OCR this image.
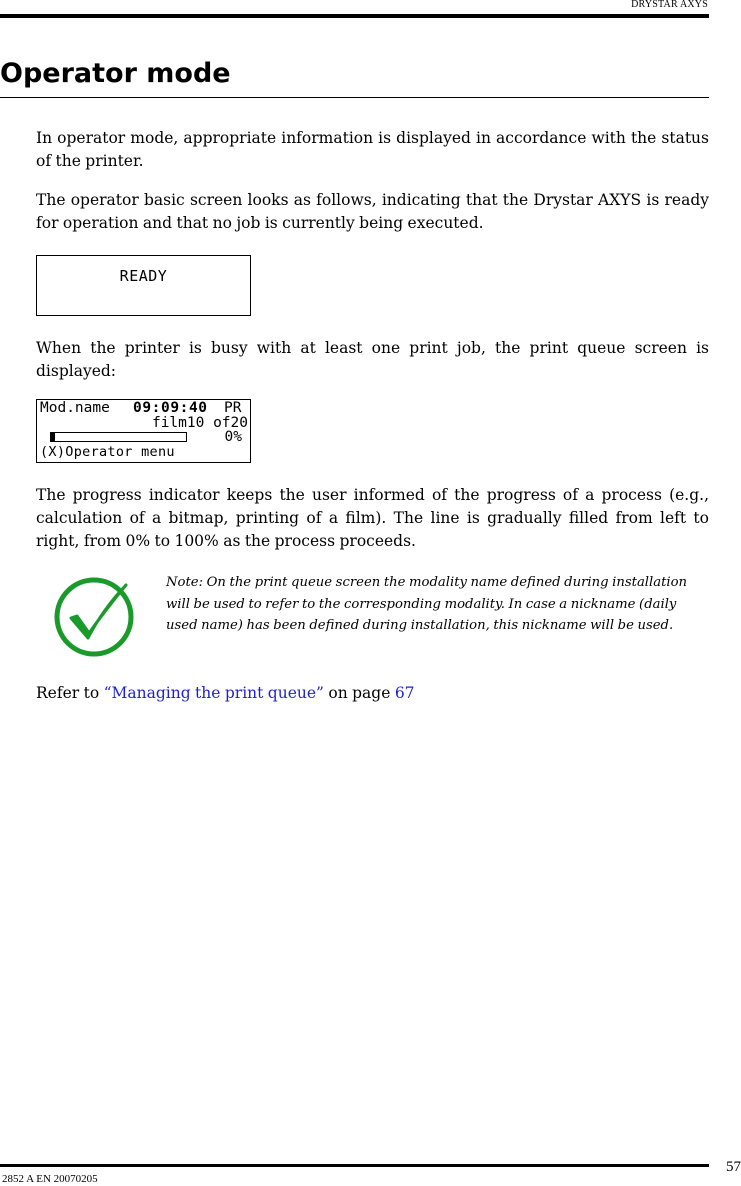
DRYSTAR AXYS
Operator mode

In operator mode, appropriate information is displayed in accordance with the status of the printer.

The operator basic screen looks as follows, indicating that the Drystar AXYS is ready for operation and that no job is currently being executed.

READY

When the printer is busy with at least one print job, the print queue screen is displayed:

Mod.name 09:09:40 PR
film10 of20
0%
(X)Operator menu

The progress indicator keeps the user informed of the progress of a process (e.g., calculation of a bitmap, printing of a film). The line is gradually filled from left to right, from 0% to 100% as the process proceeds.

Note: On the print queue screen the modality name defined during installation will be used to refer to the corresponding modality. In case a nickname (daily used name) has been defined during installation, this nickname will be used.

Refer to “Managing the print queue” on page 67

57
2852 A EN 20070205
